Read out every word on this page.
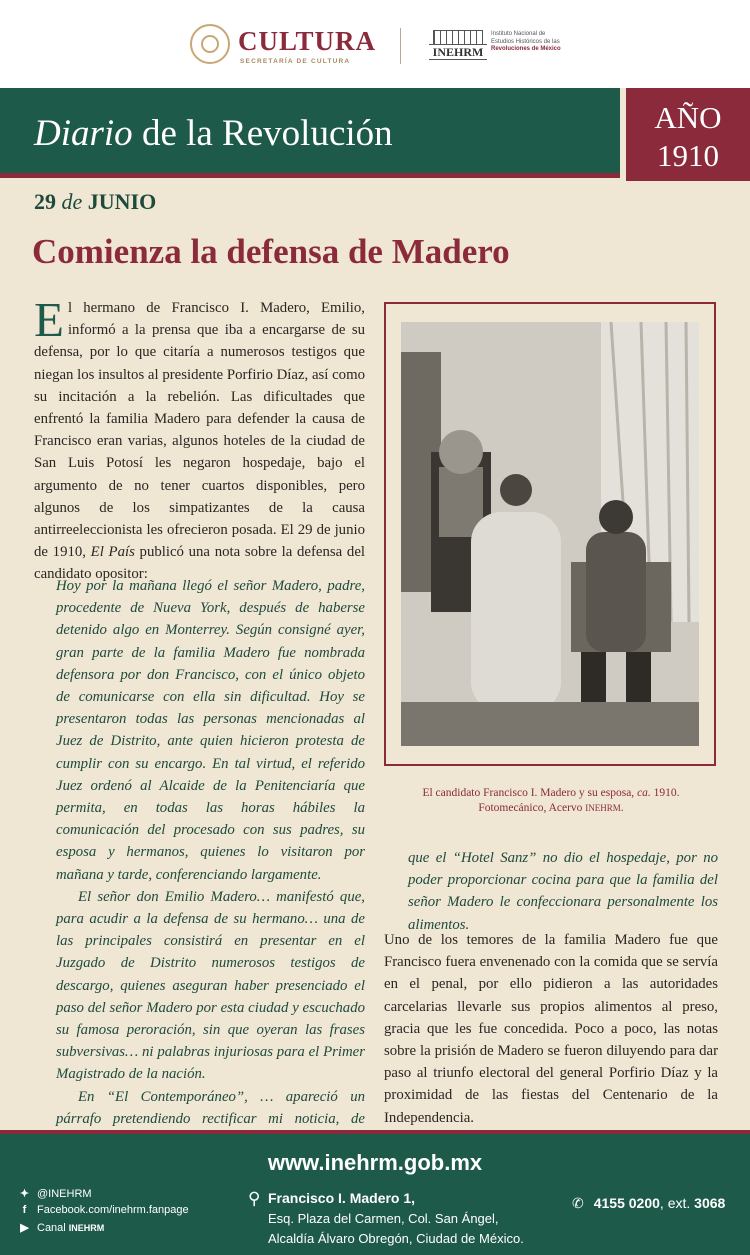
CULTURA
SECRETARÍA DE CULTURA
INEHRM
Instituto Nacional de
Estudios Históricos de las
Revoluciones de México
Diario de la Revolución	AÑO
1910
29 de JUNIO
Comienza la defensa de Madero

El hermano de Francisco I. Madero, Emilio, informó a la prensa que iba a encargarse de su defensa, por lo que citaría a numerosos testigos que niegan los insultos al presidente Porfirio Díaz, así como su incitación a la rebelión. Las dificultades que enfrentó la familia Madero para defender la causa de Francisco eran varias, algunos hoteles de la ciudad de San Luis Potosí les negaron hospedaje, bajo el argumento de no tener cuartos disponibles, pero algunos de los simpatizantes de la causa antirreeleccionista les ofrecieron posada. El 29 de junio de 1910, El País publicó una nota sobre la defensa del candidato opositor:

Hoy por la mañana llegó el señor Madero, padre, procedente de Nueva York, después de haberse detenido algo en Monterrey. Según consigné ayer, gran parte de la familia Madero fue nombrada defensora por don Francisco, con el único objeto de comunicarse con ella sin dificultad. Hoy se presentaron todas las personas mencionadas al Juez de Distrito, ante quien hicieron protesta de cumplir con su encargo. En tal virtud, el referido Juez ordenó al Alcaide de la Penitenciaría que permita, en todas las horas hábiles la comunicación del procesado con sus padres, su esposa y hermanos, quienes lo visitaron por mañana y tarde, conferenciando largamente.

El señor don Emilio Madero… manifestó que, para acudir a la defensa de su hermano… una de las principales consistirá en presentar en el Juzgado de Distrito numerosos testigos de descargo, quienes aseguran haber presenciado el paso del señor Madero por esta ciudad y escuchado su famosa peroración, sin que oyeran las frases subversivas… ni palabras injuriosas para el Primer Magistrado de la nación.

En “El Contemporáneo”, … apareció un párrafo pretendiendo rectificar mi noticia, de

El candidato Francisco I. Madero y su esposa, ca. 1910.
Fotomecánico, Acervo INEHRM.

que el “Hotel Sanz” no dio el hospedaje, por no poder proporcionar cocina para que la familia del señor Madero le confeccionara personalmente los alimentos.

Uno de los temores de la familia Madero fue que Francisco fuera envenenado con la comida que se servía en el penal, por ello pidieron a las autoridades carcelarias llevarle sus propios alimentos al preso, gracia que les fue concedida. Poco a poco, las notas sobre la prisión de Madero se fueron diluyendo para dar paso al triunfo electoral del general Porfirio Díaz y la proximidad de las fiestas del Centenario de la Independencia.

www.inehrm.gob.mx
✦ @INEHRM
f Facebook.com/inehrm.fanpage
▶ Canal INEHRM
⚲ Francisco I. Madero 1,
Esq. Plaza del Carmen, Col. San Ángel,
Alcaldía Álvaro Obregón, Ciudad de México.
✆ 4155 0200, ext. 3068
